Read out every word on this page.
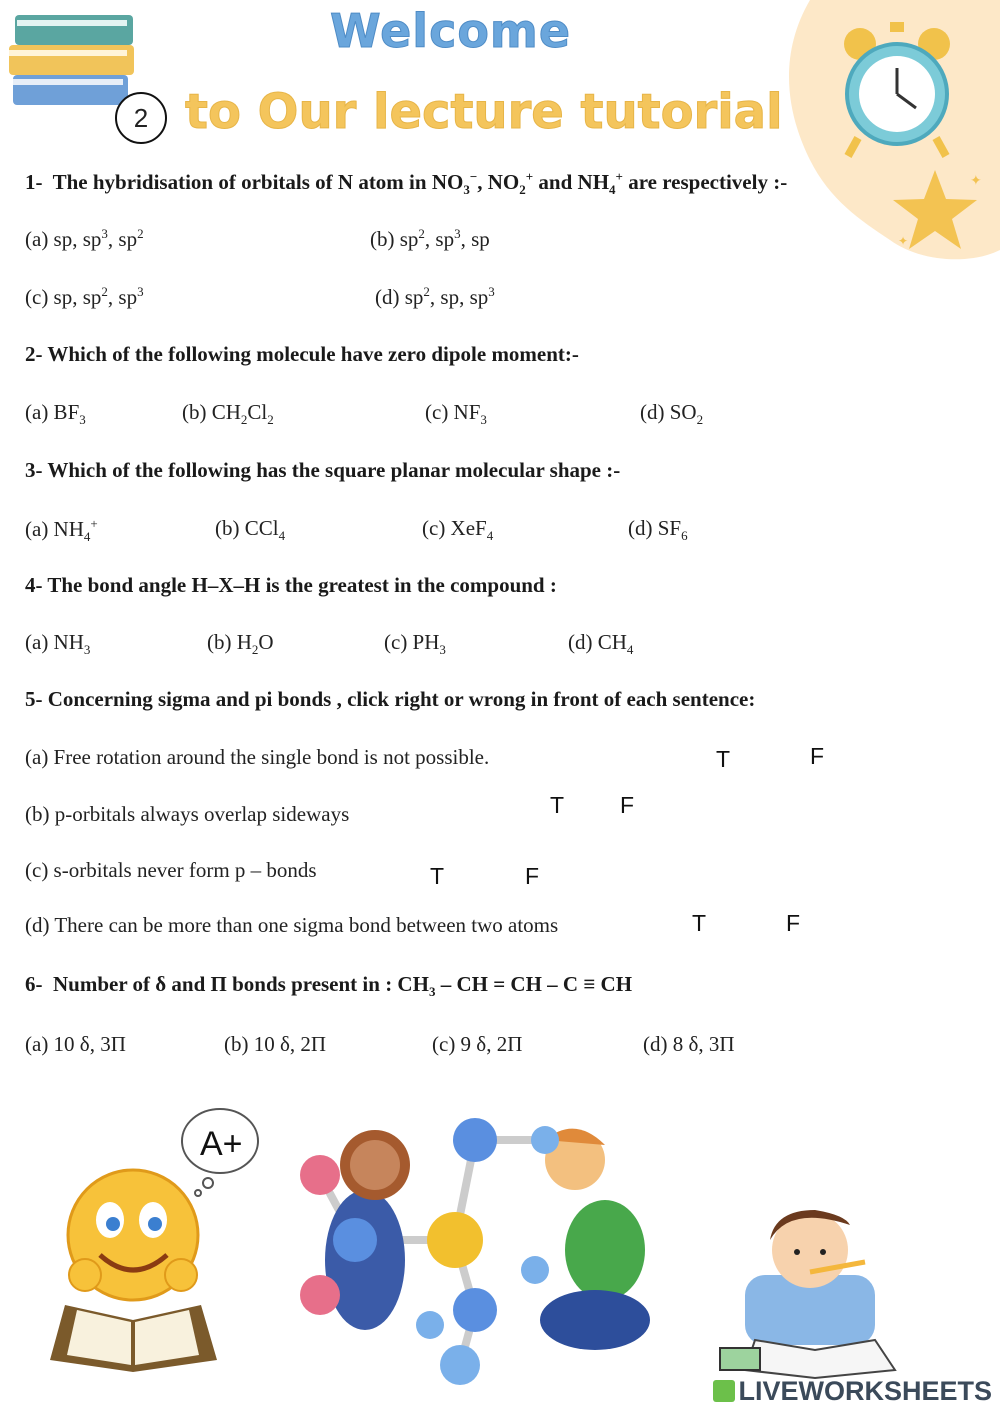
✦
✦
Welcome
2 to Our lecture tutorial
1-  The hybridisation of orbitals of N atom in $NO_3^-$, $NO_2^+$ and $NH_4^+$ are respectively :-
(a) sp, $sp^3$, $sp^2$	(b) $sp^2$, $sp^3$, sp
(c) sp, $sp^2$, $sp^3$	(d) $sp^2$, sp, $sp^3$
2- Which of the following molecule have zero dipole moment:-
(a) $BF_3$	(b) $CH_2Cl_2$	(c) $NF_3$	(d) $SO_2$
3- Which of the following has the square planar molecular shape :-
(a) $NH_4^+$	(b) CCl$_4$	(c) XeF$_4$	(d) $SF_6$
4- The bond angle H–X–H is the greatest in the compound :
(a) $NH_3$	(b) $H_2O$	(c) $PH_3$	(d) $CH_4$
5- Concerning sigma and pi bonds , click right or wrong in front of each sentence:
(a) Free rotation around the single bond is not possible.	T	F
(b) p-orbitals always overlap sideways	T F
(c) s-orbitals never form p – bonds	T	F
(d) There can be more than one sigma bond between two atoms	T	F
6-  Number of δ and Π bonds present in : $CH_3$ – CH = CH – C ≡ CH
(a) 10 δ, 3Π	(b) 10 δ, 2Π	(c) 9 δ, 2Π	(d) 8 δ, 3Π
A+
LIVEWORKSHEETS
